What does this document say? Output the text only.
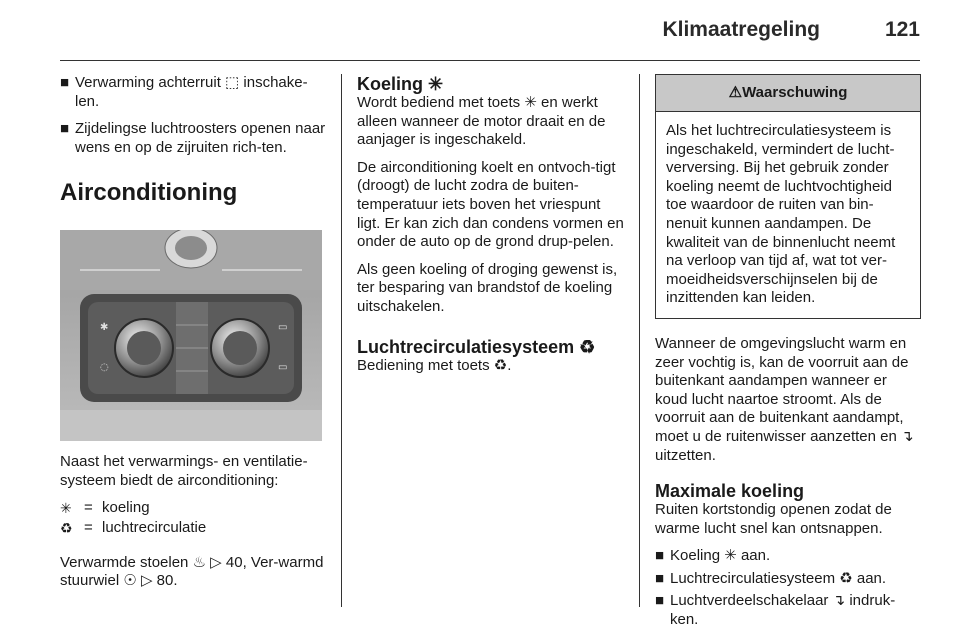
Klimaatregeling	121
■ Verwarming achterruit ⬚ inschake-len.
■ Zijdelingse luchtroosters openen naar wens en op de zijruiten rich-ten.
Airconditioning
✱
◌
▭
▭

Naast het verwarmings- en ventilatie-systeem biedt de airconditioning:

✳ = koeling
♻ = luchtrecirculatie

Verwarmde stoelen ♨ ▷ 40, Ver-warmd stuurwiel ☉ ▷ 80.

Koeling ✳

Wordt bediend met toets ✳ en werkt alleen wanneer de motor draait en de aanjager is ingeschakeld.

De airconditioning koelt en ontvoch-tigt (droogt) de lucht zodra de buiten-temperatuur iets boven het vriespunt ligt. Er kan zich dan condens vormen en onder de auto op de grond drup-pelen.

Als geen koeling of droging gewenst is, ter besparing van brandstof de koeling uitschakelen.

Luchtrecirculatiesysteem ♻

Bediening met toets ♻.

⚠Waarschuwing
Als het luchtrecirculatiesysteem is ingeschakeld, vermindert de lucht-verversing. Bij het gebruik zonder koeling neemt de luchtvochtigheid toe waardoor de ruiten van bin-nenuit kunnen aandampen. De kwaliteit van de binnenlucht neemt na verloop van tijd af, wat tot ver-moeidheidsverschijnselen bij de inzittenden kan leiden.

Wanneer de omgevingslucht warm en zeer vochtig is, kan de voorruit aan de buitenkant aandampen wanneer er koud lucht naartoe stroomt. Als de voorruit aan de buitenkant aandampt, moet u de ruitenwisser aanzetten en ↴ uitzetten.

Maximale koeling

Ruiten kortstondig openen zodat de warme lucht snel kan ontsnappen.

■ Koeling ✳ aan.
■ Luchtrecirculatiesysteem ♻ aan.
■ Luchtverdeelschakelaar ↴ indruk-ken.
